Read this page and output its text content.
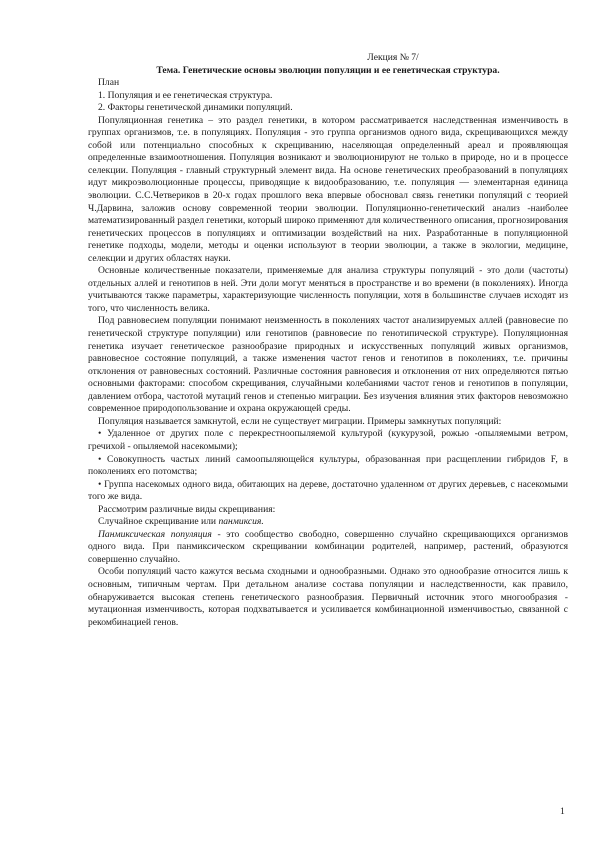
Лекция № 7/

Тема. Генетические основы эволюции популяции и ее генетическая структура.

План

1. Популяция и ее генетическая структура.

2. Факторы генетической динамики популяций.

Популяционная генетика – это раздел генетики, в котором рассматривается наследственная изменчивость в группах организмов, т.е. в популяциях. Популяция - это группа организмов одного вида, скрещивающихся между собой или потенциально способных к скрещиванию, населяющая определенный ареал и проявляющая определенные взаимоотношения. Популяция возникают и эволюционируют не только в природе, но и в процессе селекции. Популяция - главный структурный элемент вида. На основе генетических преобразований в популяциях идут микроэволюционные процессы, приводящие к видообразованию, т.е. популяция — элементарная единица эволюции. С.С.Четвериков в 20-х годах прошлого века впервые обосновал связь генетики популяций с теорией Ч.Дарвина, заложив основу современной теории эволюции. Популяционно-генетический анализ -наиболее математизированный раздел генетики, который широко применяют для количественного описания, прогнозирования генетических процессов в популяциях и оптимизации воздействий на них. Разработанные в популяционной генетике подходы, модели, методы и оценки используют в теории эволюции, а также в экологии, медицине, селекции и других областях науки.

Основные количественные показатели, применяемые для анализа структуры популяций - это доли (частоты) отдельных аллей и генотипов в ней. Эти доли могут меняться в пространстве и во времени (в поколениях). Иногда учитываются также параметры, характеризующие численность популяции, хотя в большинстве случаев исходят из того, что численность велика.

Под равновесием популяции понимают неизменность в поколениях частот анализируемых аллей (равновесие по генетической структуре популяции) или генотипов (равновесие по генотипической структуре). Популяционная генетика изучает генетическое разнообразие природных и искусственных популяций живых организмов, равновесное состояние популяций, а также изменения частот генов и генотипов в поколениях, т.е. причины отклонения от равновесных состояний. Различные состояния равновесия и отклонения от них определяются пятью основными факторами: способом скрещивания, случайными колебаниями частот генов и генотипов в популяции, давлением отбора, частотой мутаций генов и степенью миграции. Без изучения влияния этих факторов невозможно современное природопользование и охрана окружающей среды.

Популяция называется замкнутой, если не существует миграции. Примеры замкнутых популяций:

• Удаленное от других поле с перекрестноопыляемой культурой (кукурузой, рожью -опыляемыми ветром, гречихой - опыляемой насекомыми);

• Совокупность частых линий самоопыляющейся культуры, образованная при расщеплении гибридов F, в поколениях его потомства;

• Группа насекомых одного вида, обитающих на дереве, достаточно удаленном от других деревьев, с насекомыми того же вида.

Рассмотрим различные виды скрещивания:

Случайное скрещивание или панмиксия.

Панмиксическая популяция - это сообщество свободно, совершенно случайно скрещивающихся организмов одного вида. При панмиксическом скрещивании комбинации родителей, например, растений, образуются совершенно случайно.

Особи популяций часто кажутся весьма сходными и однообразными. Однако это однообразие относится лишь к основным, типичным чертам. При детальном анализе состава популяции и наследственности, как правило, обнаруживается высокая степень генетического разнообразия. Первичный источник этого многообразия - мутационная изменчивость, которая подхватывается и усиливается комбинационной изменчивостью, связанной с рекомбинацией генов.

1
